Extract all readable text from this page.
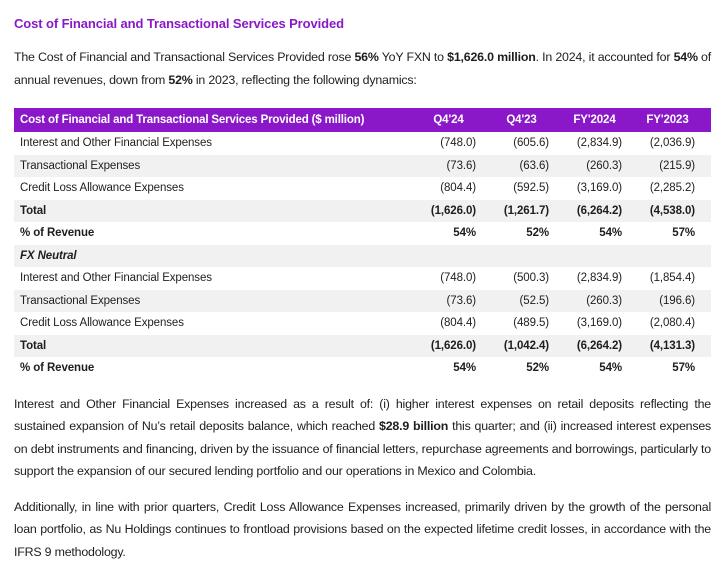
Cost of Financial and Transactional Services Provided

The Cost of Financial and Transactional Services Provided rose 56% YoY FXN to $1,626.0 million. In 2024, it accounted for 54% of annual revenues, down from 52% in 2023, reflecting the following dynamics:

Cost of Financial and Transactional Services Provided ($ million)	Q4'24	Q4'23	FY'2024	FY'2023
Interest and Other Financial Expenses	(748.0)	(605.6)	(2,834.9)	(2,036.9)
Transactional Expenses	(73.6)	(63.6)	(260.3)	(215.9)
Credit Loss Allowance Expenses	(804.4)	(592.5)	(3,169.0)	(2,285.2)
Total	(1,626.0)	(1,261.7)	(6,264.2)	(4,538.0)
% of Revenue	54%	52%	54%	57%
FX Neutral				
Interest and Other Financial Expenses	(748.0)	(500.3)	(2,834.9)	(1,854.4)
Transactional Expenses	(73.6)	(52.5)	(260.3)	(196.6)
Credit Loss Allowance Expenses	(804.4)	(489.5)	(3,169.0)	(2,080.4)
Total	(1,626.0)	(1,042.4)	(6,264.2)	(4,131.3)
% of Revenue	54%	52%	54%	57%

Interest and Other Financial Expenses increased as a result of: (i) higher interest expenses on retail deposits reflecting the sustained expansion of Nu’s retail deposits balance, which reached $28.9 billion this quarter; and (ii) increased interest expenses on debt instruments and financing, driven by the issuance of financial letters, repurchase agreements and borrowings, particularly to support the expansion of our secured lending portfolio and our operations in Mexico and Colombia.

Additionally, in line with prior quarters, Credit Loss Allowance Expenses increased, primarily driven by the growth of the personal loan portfolio, as Nu Holdings continues to frontload provisions based on the expected lifetime credit losses, in accordance with the IFRS 9 methodology.
